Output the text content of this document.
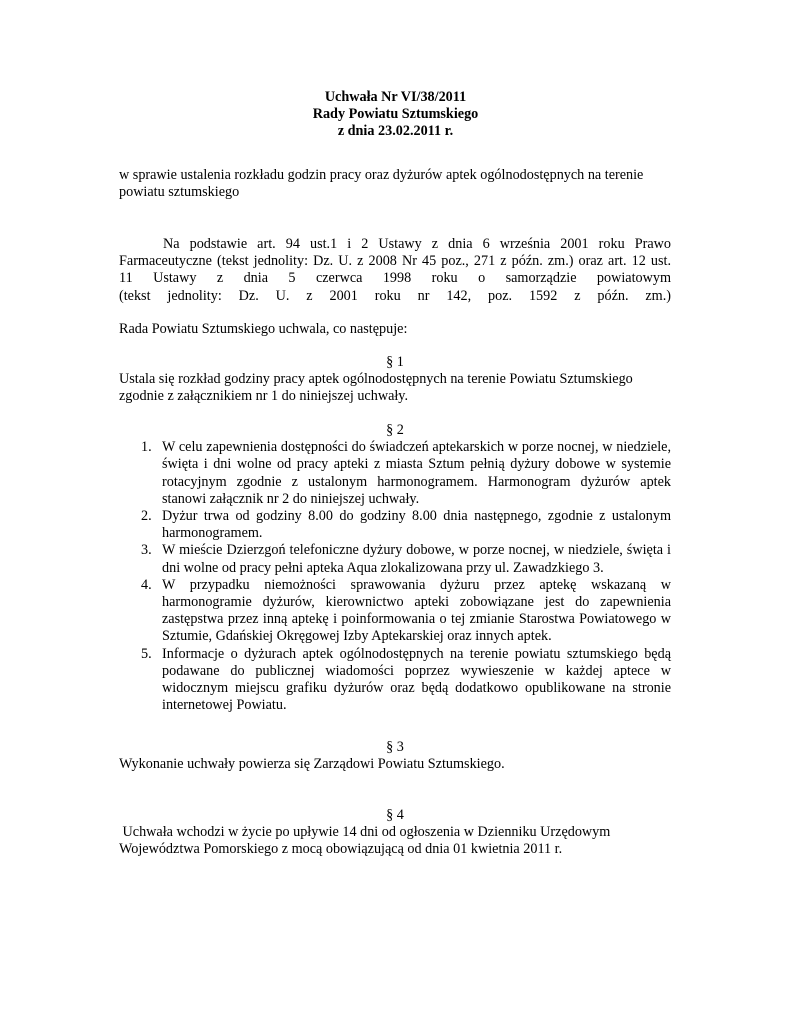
Uchwała Nr VI/38/2011
Rady Powiatu Sztumskiego
z dnia 23.02.2011 r.
w sprawie ustalenia rozkładu godzin pracy oraz dyżurów aptek ogólnodostępnych na terenie
powiatu sztumskiego
Na podstawie art. 94 ust.1 i 2 Ustawy z dnia 6 września 2001 roku Prawo
Farmaceutyczne (tekst jednolity: Dz. U. z 2008 Nr 45 poz., 271 z późn. zm.) oraz art. 12 ust.
11 Ustawy z dnia 5 czerwca 1998 roku o samorządzie powiatowym
(tekst jednolity: Dz. U. z 2001 roku nr 142, poz. 1592 z późn. zm.)
Rada Powiatu Sztumskiego uchwala, co następuje:
§ 1
Ustala się rozkład godziny pracy aptek ogólnodostępnych na terenie Powiatu Sztumskiego
zgodnie z załącznikiem nr 1 do niniejszej uchwały.
§ 2
1. W celu zapewnienia dostępności do świadczeń aptekarskich w porze nocnej, w niedziele, święta i dni wolne od pracy apteki z miasta Sztum pełnią dyżury dobowe w systemie rotacyjnym zgodnie z ustalonym harmonogramem. Harmonogram dyżurów aptek stanowi załącznik nr 2 do niniejszej uchwały.
2. Dyżur trwa od godziny 8.00 do godziny 8.00 dnia następnego, zgodnie z ustalonym harmonogramem.
3. W mieście Dzierzgoń telefoniczne dyżury dobowe, w porze nocnej, w niedziele, święta i dni wolne od pracy pełni apteka Aqua zlokalizowana przy ul. Zawadzkiego 3.
4. W przypadku niemożności sprawowania dyżuru przez aptekę wskazaną w harmonogramie dyżurów, kierownictwo apteki zobowiązane jest do zapewnienia zastępstwa przez inną aptekę i poinformowania o tej zmianie Starostwa Powiatowego w Sztumie, Gdańskiej Okręgowej Izby Aptekarskiej oraz innych aptek.
5. Informacje o dyżurach aptek ogólnodostępnych na terenie powiatu sztumskiego będą podawane do publicznej wiadomości poprzez wywieszenie w każdej aptece w widocznym miejscu grafiku dyżurów oraz będą dodatkowo opublikowane na stronie internetowej Powiatu.
§ 3
Wykonanie uchwały powierza się Zarządowi Powiatu Sztumskiego.
§ 4
Uchwała wchodzi w życie po upływie 14 dni od ogłoszenia w Dzienniku Urzędowym
Województwa Pomorskiego z mocą obowiązującą od dnia 01 kwietnia 2011 r.
